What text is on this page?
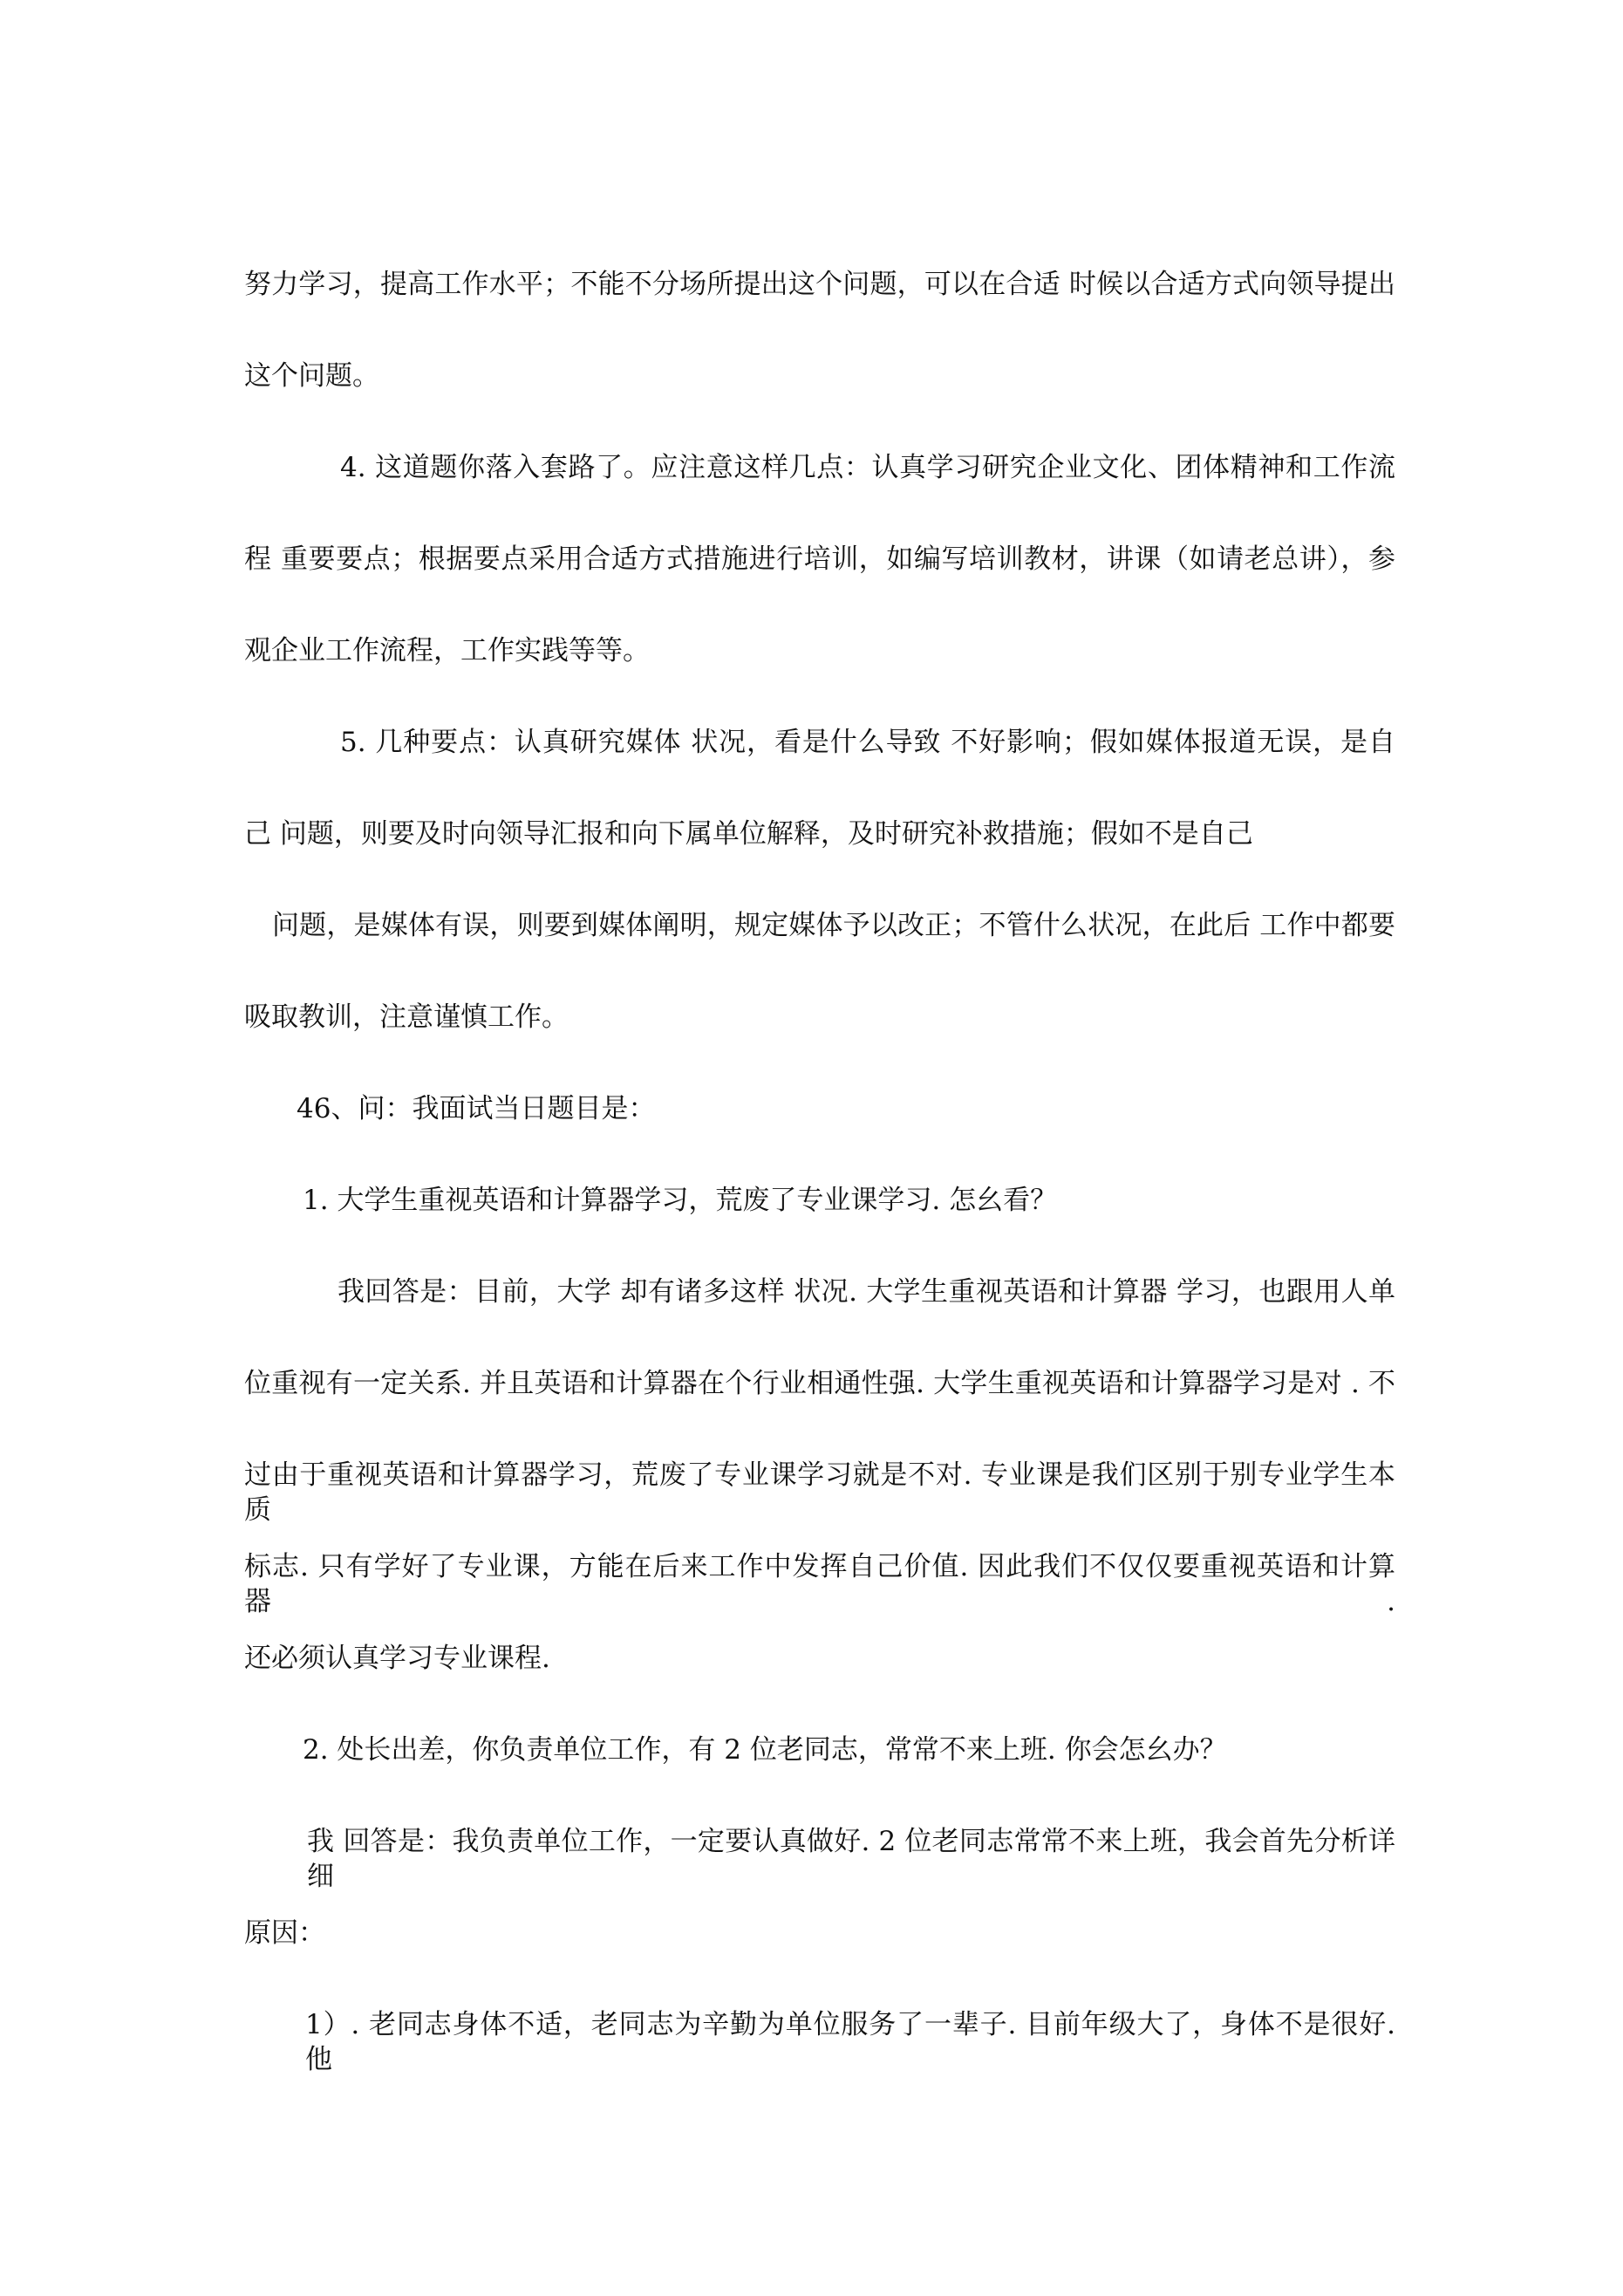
努力学习，提高工作水平；不能不分场所提出这个问题，可以在合适 时候以合适方式向领导提出
这个问题。
4. 这道题你落入套路了。应注意这样几点：认真学习研究企业文化、团体精神和工作流
程 重要要点；根据要点采用合适方式措施进行培训，如编写培训教材，讲课（如请老总讲），参
观企业工作流程，工作实践等等。
5. 几种要点：认真研究媒体 状况，看是什么导致 不好影响；假如媒体报道无误，是自
己 问题，则要及时向领导汇报和向下属单位解释，及时研究补救措施；假如不是自己
问题，是媒体有误，则要到媒体阐明，规定媒体予以改正；不管什么状况，在此后 工作中都要
吸取教训，注意谨慎工作。
46、问：我面试当日题目是：
1. 大学生重视英语和计算器学习，荒废了专业课学习. 怎幺看？
我回答是：目前，大学 却有诸多这样 状况. 大学生重视英语和计算器 学习，也跟用人单
位重视有一定关系. 并且英语和计算器在个行业相通性强. 大学生重视英语和计算器学习是对 . 不
过由于重视英语和计算器学习，荒废了专业课学习就是不对. 专业课是我们区别于别专业学生本质
标志. 只有学好了专业课，方能在后来工作中发挥自己价值. 因此我们不仅仅要重视英语和计算器.
还必须认真学习专业课程.
2. 处长出差，你负责单位工作，有 2 位老同志，常常不来上班. 你会怎幺办？
我 回答是：我负责单位工作，一定要认真做好. 2 位老同志常常不来上班，我会首先分析详细
原因：
1）. 老同志身体不适，老同志为辛勤为单位服务了一辈子. 目前年级大了，身体不是很好. 他
